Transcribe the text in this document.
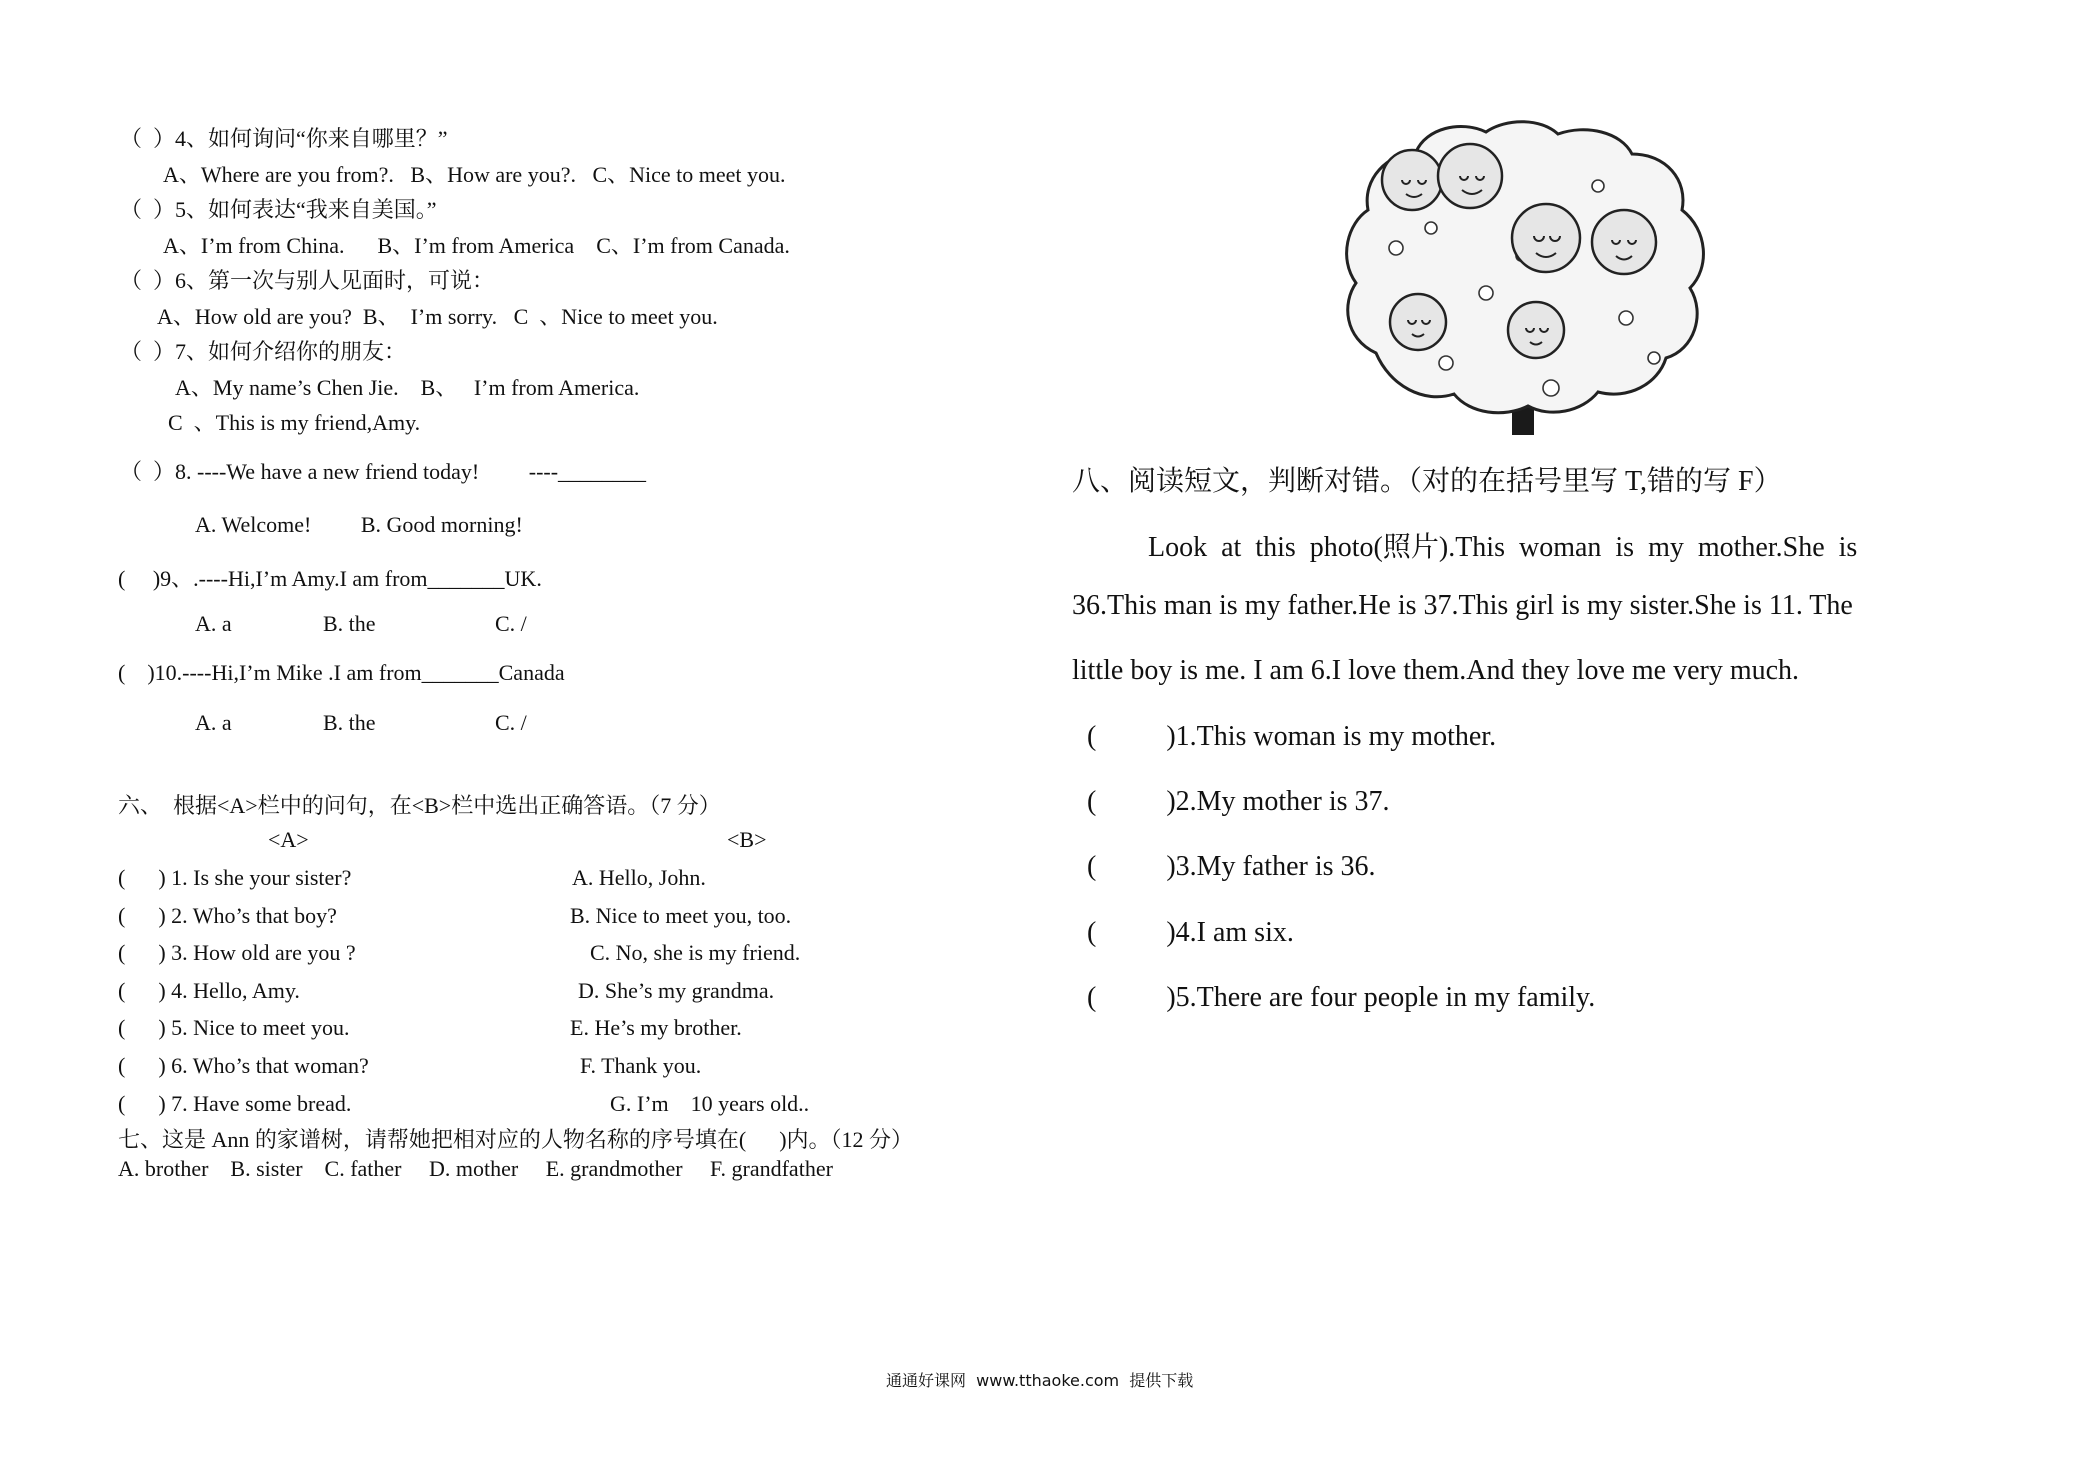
（  ）4、如何询问“你来自哪里？”
A、Where are you from?.   B、How are you?.   C、Nice to meet you.
（  ）5、如何表达“我来自美国。”
A、I’m from China.      B、I’m from America    C、I’m from Canada.
（  ）6、第一次与别人见面时，可说：
A、How old are you?  B、  I’m sorry.   C  、Nice to meet you.
（  ）7、如何介绍你的朋友：
A、My name’s Chen Jie.    B、   I’m from America.
C  、This is my friend,Amy.
（  ）8. ----We have a new friend today!         ----________
A. Welcome!         B. Good morning!
(     )9、.----Hi,I’m Amy.I am from_______UK.
A. a	B. the	C. /
(    )10.----Hi,I’m Mike .I am from_______Canada
A. a	B. the	C. /
六、  根据<A>栏中的问句，在<B>栏中选出正确答语。（7 分）
<A>	<B>
(      ) 1. Is she your sister?	A. Hello, John.
(      ) 2. Who’s that boy?	B. Nice to meet you, too.
(      ) 3. How old are you ?	C. No, she is my friend.
(      ) 4. Hello, Amy.	D. She’s my grandma.
(      ) 5. Nice to meet you.	E. He’s my brother.
(      ) 6. Who’s that woman?	F. Thank you.
(      ) 7. Have some bread.	G. I’m    10 years old..
七、这是 Ann 的家谱树，请帮她把相对应的人物名称的序号填在(      )内。（12 分）
A. brother    B. sister    C. father     D. mother     E. grandmother     F. grandfather
八、阅读短文，判断对错。（对的在括号里写 T,错的写 F）
Look  at  this  photo(照片).This  woman  is  my  mother.She  is
36.This man is my father.He is 37.This girl is my sister.She is 11. The
little boy is me. I am 6.I love them.And they love me very much.
(          )1.This woman is my mother.
(          )2.My mother is 37.
(          )3.My father is 36.
(          )4.I am six.
(          )5.There are four people in my family.
通通好课网  www.tthaoke.com  提供下载
